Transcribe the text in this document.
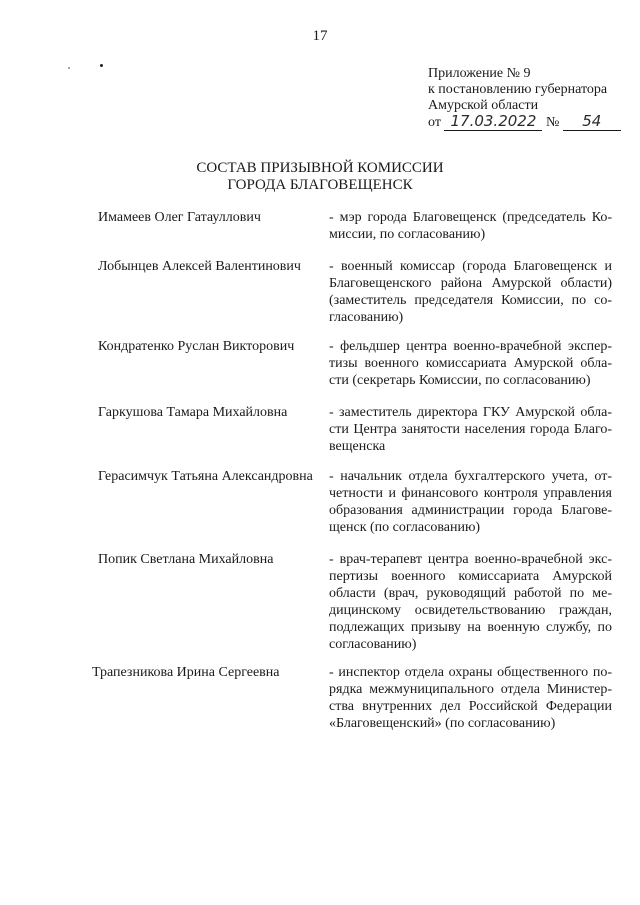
17
Приложение № 9
к постановлению губернатора
Амурской области
от 17.03.2022 № 54
СОСТАВ ПРИЗЫВНОЙ КОМИССИИ
ГОРОДА БЛАГОВЕЩЕНСК
Имамеев Олег Гатауллович	- мэр города Благовещенск (председатель Ко-миссии, по согласованию)
Лобынцев Алексей Валентинович	- военный комиссар (города Благовещенск и Благовещенского района Амурской области) (заместитель председателя Комиссии, по со-гласованию)
Кондратенко Руслан Викторович	- фельдшер центра военно-врачебной экспер-тизы военного комиссариата Амурской обла-сти (секретарь Комиссии, по согласованию)
Гаркушова Тамара Михайловна	- заместитель директора ГКУ Амурской обла-сти Центра занятости населения города Благо-вещенска
Герасимчук Татьяна Александровна	- начальник отдела бухгалтерского учета, от-четности и финансового контроля управления образования администрации города Благове-щенск (по согласованию)
Попик Светлана Михайловна	- врач-терапевт центра военно-врачебной экс-пертизы военного комиссариата Амурской области (врач, руководящий работой по ме-дицинскому освидетельствованию граждан, подлежащих призыву на военную службу, по согласованию)
Трапезникова Ирина Сергеевна	- инспектор отдела охраны общественного по-рядка межмуниципального отдела Министер-ства внутренних дел Российской Федерации «Благовещенский» (по согласованию)
